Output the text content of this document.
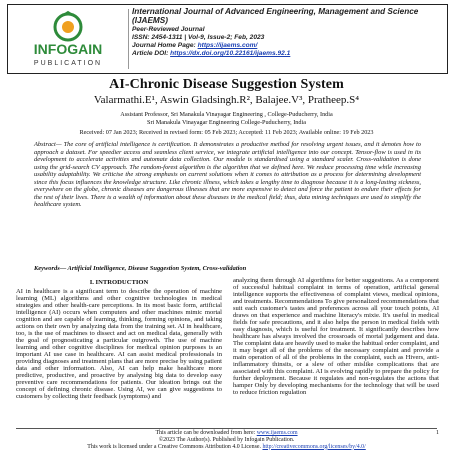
INFOGAIN
PUBLICATION
International Journal of Advanced Engineering, Management and Science (IJAEMS)
Peer-Reviewed Journal
ISSN: 2454-1311 | Vol-9, Issue-2; Feb, 2023
Journal Home Page: https://ijaems.com/
Article DOI: https://dx.doi.org/10.22161/ijaems.92.1
AI-Chronic Disease Suggestion System
Valarmathi.E¹, Aswin Gladsingh.R², Balajee.V³, Pratheep.S⁴
Assistant Professor, Sri Manakula Vinayagar Engineering , College-Puducherry, India
Sri Manakula Vinayagar Engineering College-Puducherry, India
Received: 07 Jan 2023; Received in revised form: 05 Feb 2023; Accepted: 11 Feb 2023; Available online: 19 Feb 2023
Abstract— The core of artificial intelligence is certification. It demonstrates a productive method for resolving urgent issues, and it denotes how to approach a dataset. For speedier access and seamless client service, we integrate artificial intelligence into our concept. Tensor-flow is used in its development to accelerate activities and automate data collection. Our module is standardised using a standard scaler. Cross-validation is done using the grid-search CV approach. The random-forest algorithm is the algorithm that we defined here. We reduce processing time while increasing usability adaptability. We criticise the strong emphasis on current solutions when it comes to attribution as a process for determining development since this focus influences the knowledge structure. Like chronic illness, which takes a lengthy time to diagnose because it is a long-lasting sickness, everywhere on the globe, chronic diseases are dangerous illnesses that are more expensive to detect and force the patient to endure their effects for the rest of their lives. There is a wealth of information about these diseases in the medical field; thus, data mining techniques are used to simplify the healthcare system.
Keywords— Artificial Intelligence, Disease Suggestion System, Cross-validation
I. INTRODUCTION

AI in healthcare is a significant term to describe the operation of machine learning (ML) algorithms and other cognitive technologies in medical strategies and other health-care perceptions. In its most basic form, artificial intelligence (AI) occurs when computers and other machines mimic mortal cognition and are capable of learning, thinking, forming opinions, and taking actions on their own by analyzing data from the training set. AI in healthcare, too, is the use of machines to dissect and act on medical data, generally with the goal of prognosticating a particular outgrowth. The use of machine learning and other cognitive disciplines for medical opinion purposes is an important AI use case in healthcare. AI can assist medical professionals in providing diagnoses and treatment plans that are more precise by using patient data and other information. Also, AI can help make healthcare more predictive, productive, and proactive by analysing big data to develop easy preventive care recommendations for patients. Our ideation brings out the concept of defining chronic disease. Using AI, we can give suggestions to customers by collecting their feedback (symptoms) and

analyzing them through AI algorithms for better suggestions. As a component of successful habitual complaint in terms of operation, artificial general intelligence supports the effectiveness of complaint views, medical opinions, and treatments. Recommendations To give personalized recommendations that suit each customer's tastes and preferences across all your touch points, AI draws on that experience and machine literacy's mixie. It's useful in medical fields for safe precautions, and it also helps the person in medical fields with easy diagnosis, which is useful for treatment. It significantly describes how healthcare has always involved the crossroads of mortal judgement and data. The complaint data are heavily used to make the habitual order complaint, and it may beget all of the problems of the necessary complaint and provide a main operation of all of the problems in the complaint, such as Hivers, anti-inflammatory thinsits, or a slew of other mislike complications that are associated with this complaint. AI is evolving rapidly to prepare the policy for further deployment. Because it regulates and non-regulates the actions that hamper Only by developing mechanisms for the technology that will be used to reduce friction regulation

This article can be downloaded from here: www.ijaems.com
©2023 The Author(s). Published by Infogain Publication.
This work is licensed under a Creative Commons Attribution 4.0 License. http://creativecommons.org/licenses/by/4.0/
1
